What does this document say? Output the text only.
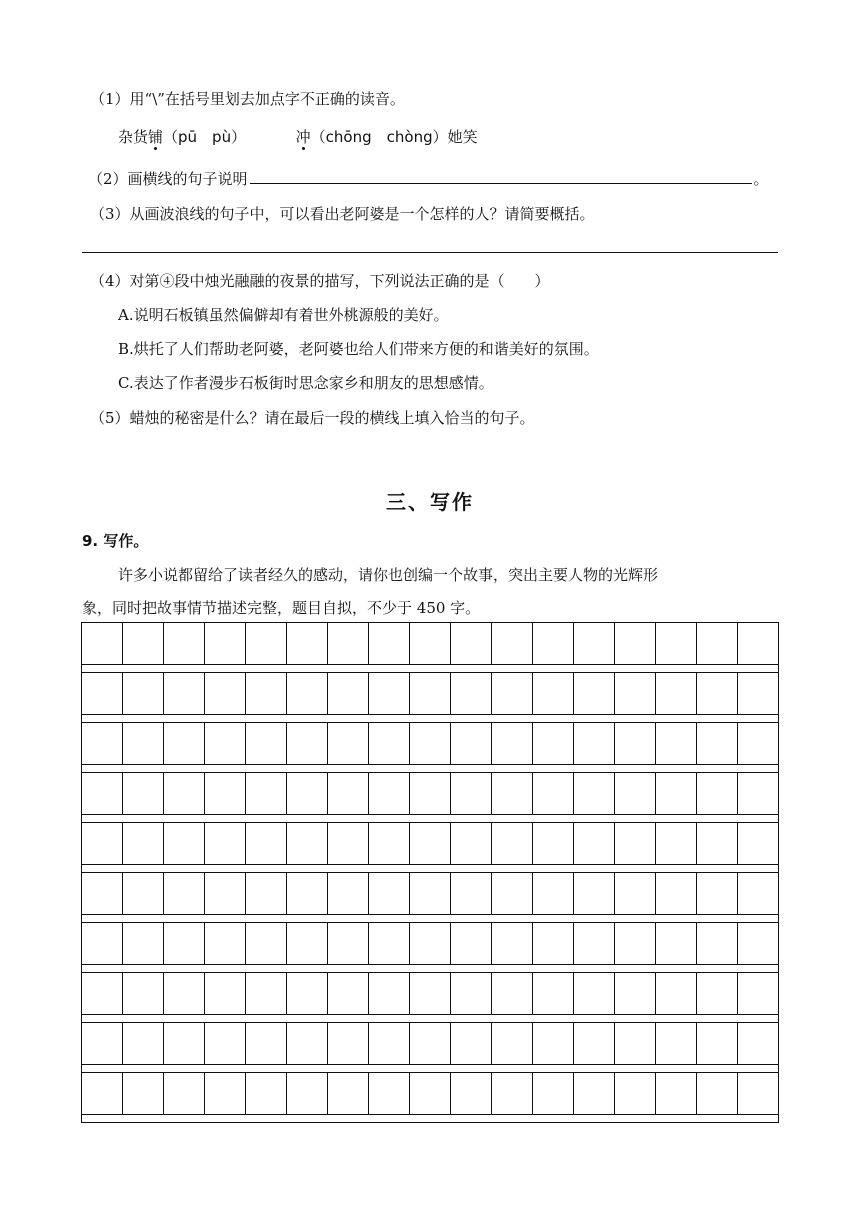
（1）用“\”在括号里划去加点字不正确的读音。
杂货铺（pū　pù）	冲（chōng　chòng）她笑
（2）画横线的句子说明	。
（3）从画波浪线的句子中，可以看出老阿婆是一个怎样的人？请简要概括。
（4）对第④段中烛光融融的夜景的描写，下列说法正确的是（　　）
A.说明石板镇虽然偏僻却有着世外桃源般的美好。
B.烘托了人们帮助老阿婆，老阿婆也给人们带来方便的和谐美好的氛围。
C.表达了作者漫步石板街时思念家乡和朋友的思想感情。
（5）蜡烛的秘密是什么？请在最后一段的横线上填入恰当的句子。
三、写作
9. 写作。
许多小说都留给了读者经久的感动，请你也创编一个故事，突出主要人物的光辉形
象，同时把故事情节描述完整，题目自拟，不少于 450 字。
